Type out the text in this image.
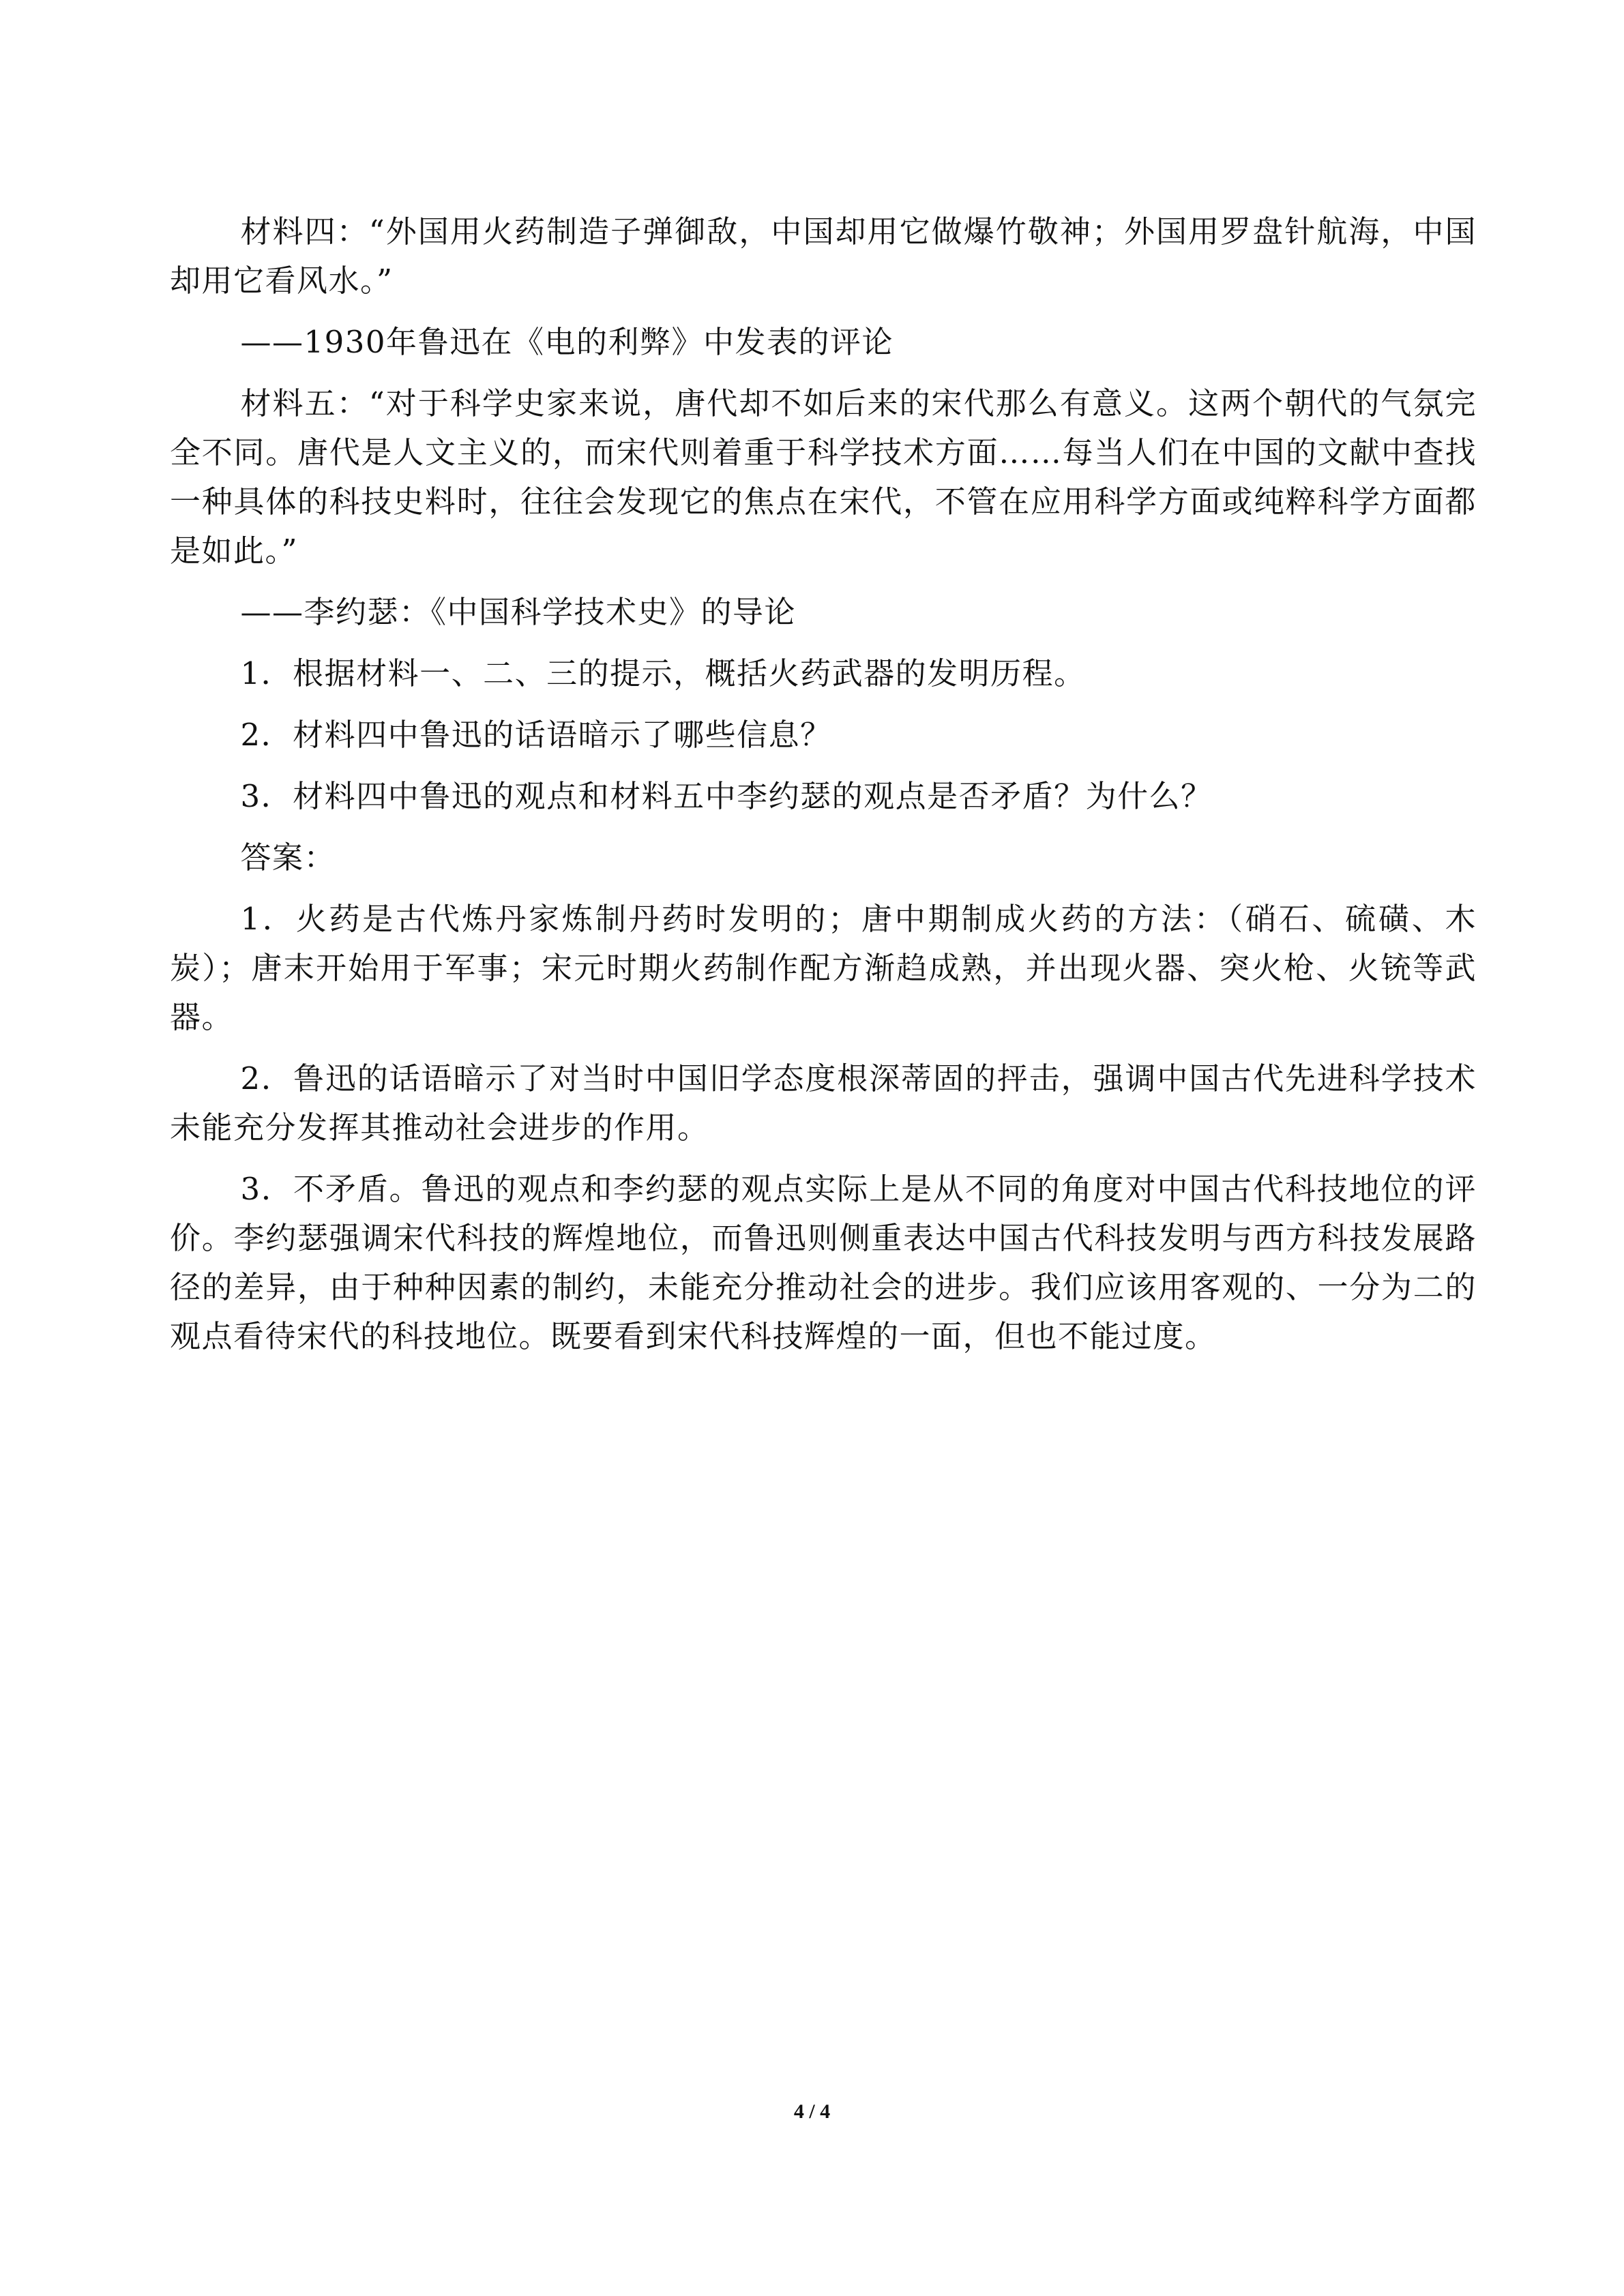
材料四：“外国用火药制造子弹御敌，中国却用它做爆竹敬神；外国用罗盘针航海，中国却用它看风水。”

——1930年鲁迅在《电的利弊》中发表的评论

材料五：“对于科学史家来说，唐代却不如后来的宋代那么有意义。这两个朝代的气氛完全不同。唐代是人文主义的，而宋代则着重于科学技术方面……每当人们在中国的文献中查找一种具体的科技史料时，往往会发现它的焦点在宋代，不管在应用科学方面或纯粹科学方面都是如此。”

——李约瑟：《中国科学技术史》的导论

1．根据材料一、二、三的提示，概括火药武器的发明历程。

2．材料四中鲁迅的话语暗示了哪些信息？

3．材料四中鲁迅的观点和材料五中李约瑟的观点是否矛盾？为什么？

答案：

1．火药是古代炼丹家炼制丹药时发明的；唐中期制成火药的方法：（硝石、硫磺、木炭）；唐末开始用于军事；宋元时期火药制作配方渐趋成熟，并出现火器、突火枪、火铳等武器。

2．鲁迅的话语暗示了对当时中国旧学态度根深蒂固的抨击，强调中国古代先进科学技术未能充分发挥其推动社会进步的作用。

3．不矛盾。鲁迅的观点和李约瑟的观点实际上是从不同的角度对中国古代科技地位的评价。李约瑟强调宋代科技的辉煌地位，而鲁迅则侧重表达中国古代科技发明与西方科技发展路径的差异，由于种种因素的制约，未能充分推动社会的进步。我们应该用客观的、一分为二的观点看待宋代的科技地位。既要看到宋代科技辉煌的一面，但也不能过度。

4 / 4
